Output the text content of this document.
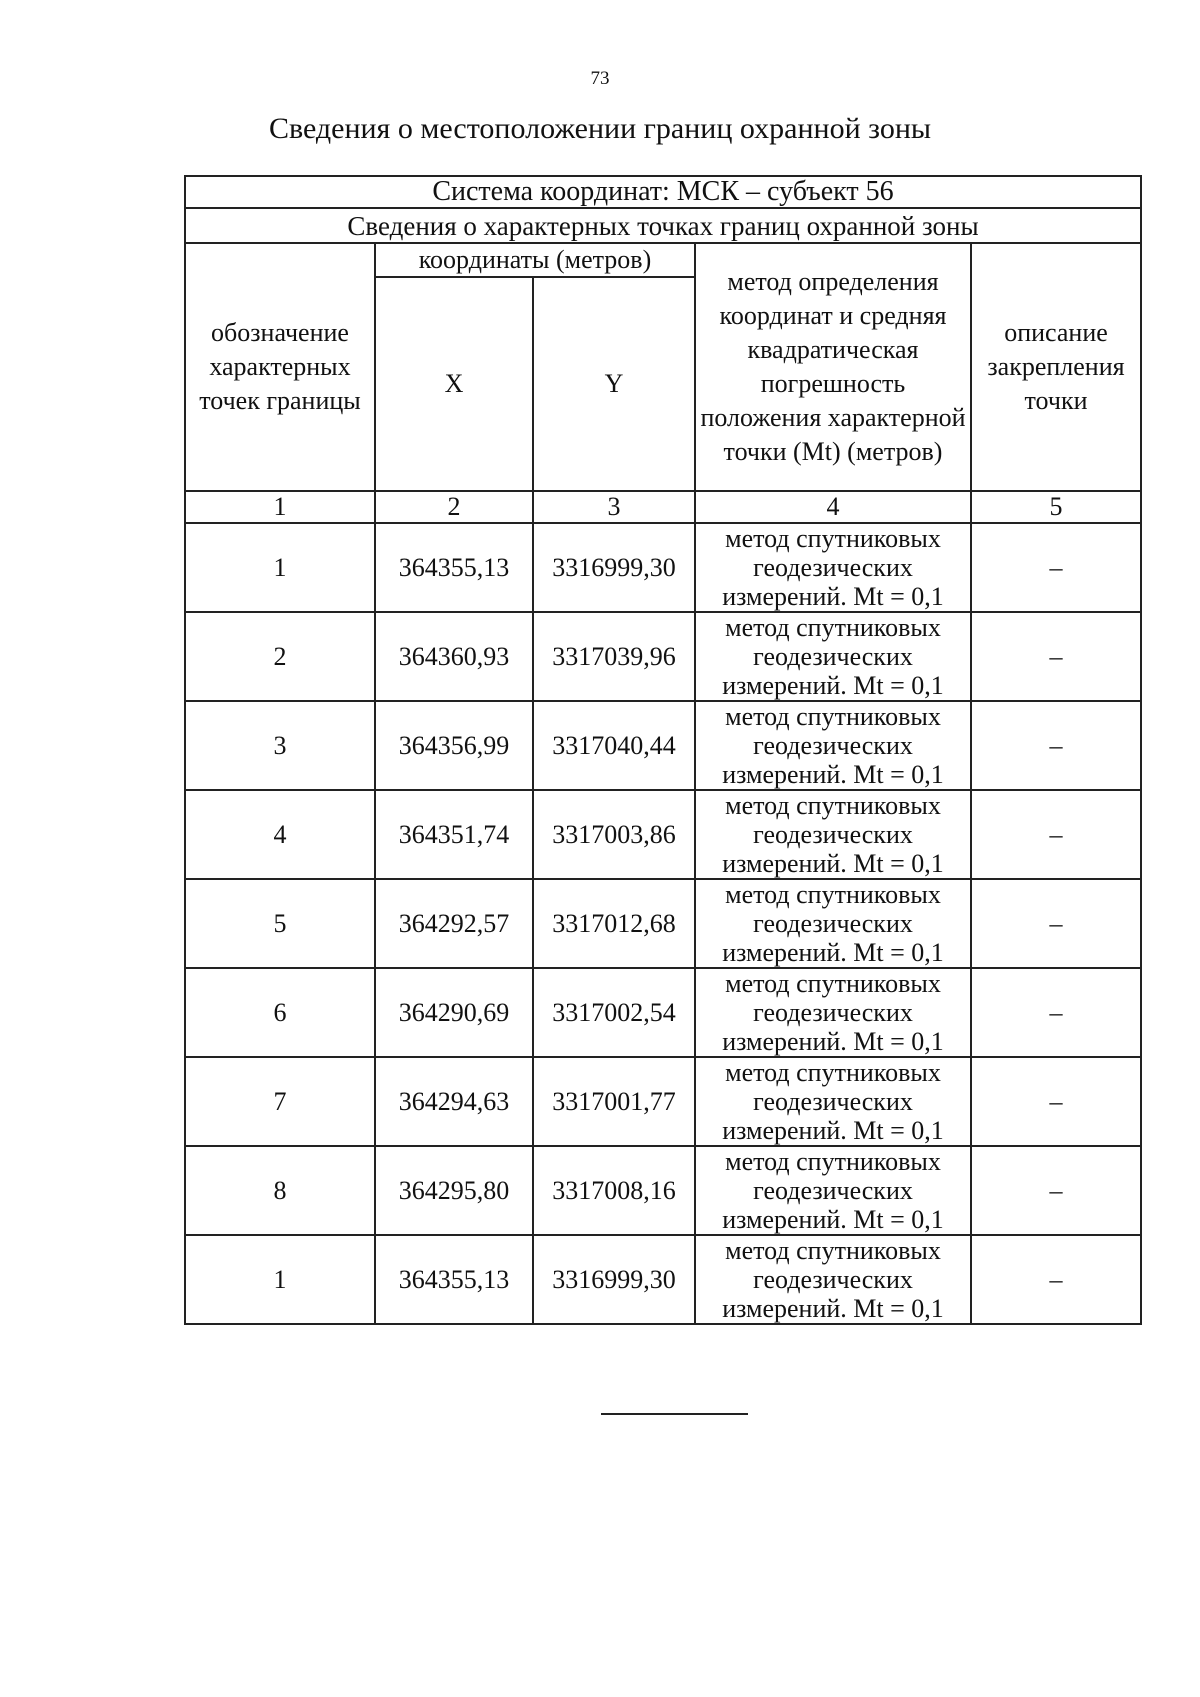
73
Сведения о местоположении границ охранной зоны
Система координат: МСК – субъект 56				
Сведения о характерных точках границ охранной зоны				
обозначение характерных точек границы	координаты (метров)		метод определения координат и средняя квадратическая погрешность положения характерной точки (Mt) (метров)	описание закрепления точки
	X	Y		
1	2	3	4	5
1	364355,13	3316999,30	метод спутниковых геодезических измерений. Mt = 0,1	–
2	364360,93	3317039,96	метод спутниковых геодезических измерений. Mt = 0,1	–
3	364356,99	3317040,44	метод спутниковых геодезических измерений. Mt = 0,1	–
4	364351,74	3317003,86	метод спутниковых геодезических измерений. Mt = 0,1	–
5	364292,57	3317012,68	метод спутниковых геодезических измерений. Mt = 0,1	–
6	364290,69	3317002,54	метод спутниковых геодезических измерений. Mt = 0,1	–
7	364294,63	3317001,77	метод спутниковых геодезических измерений. Mt = 0,1	–
8	364295,80	3317008,16	метод спутниковых геодезических измерений. Mt = 0,1	–
1	364355,13	3316999,30	метод спутниковых геодезических измерений. Mt = 0,1	–
